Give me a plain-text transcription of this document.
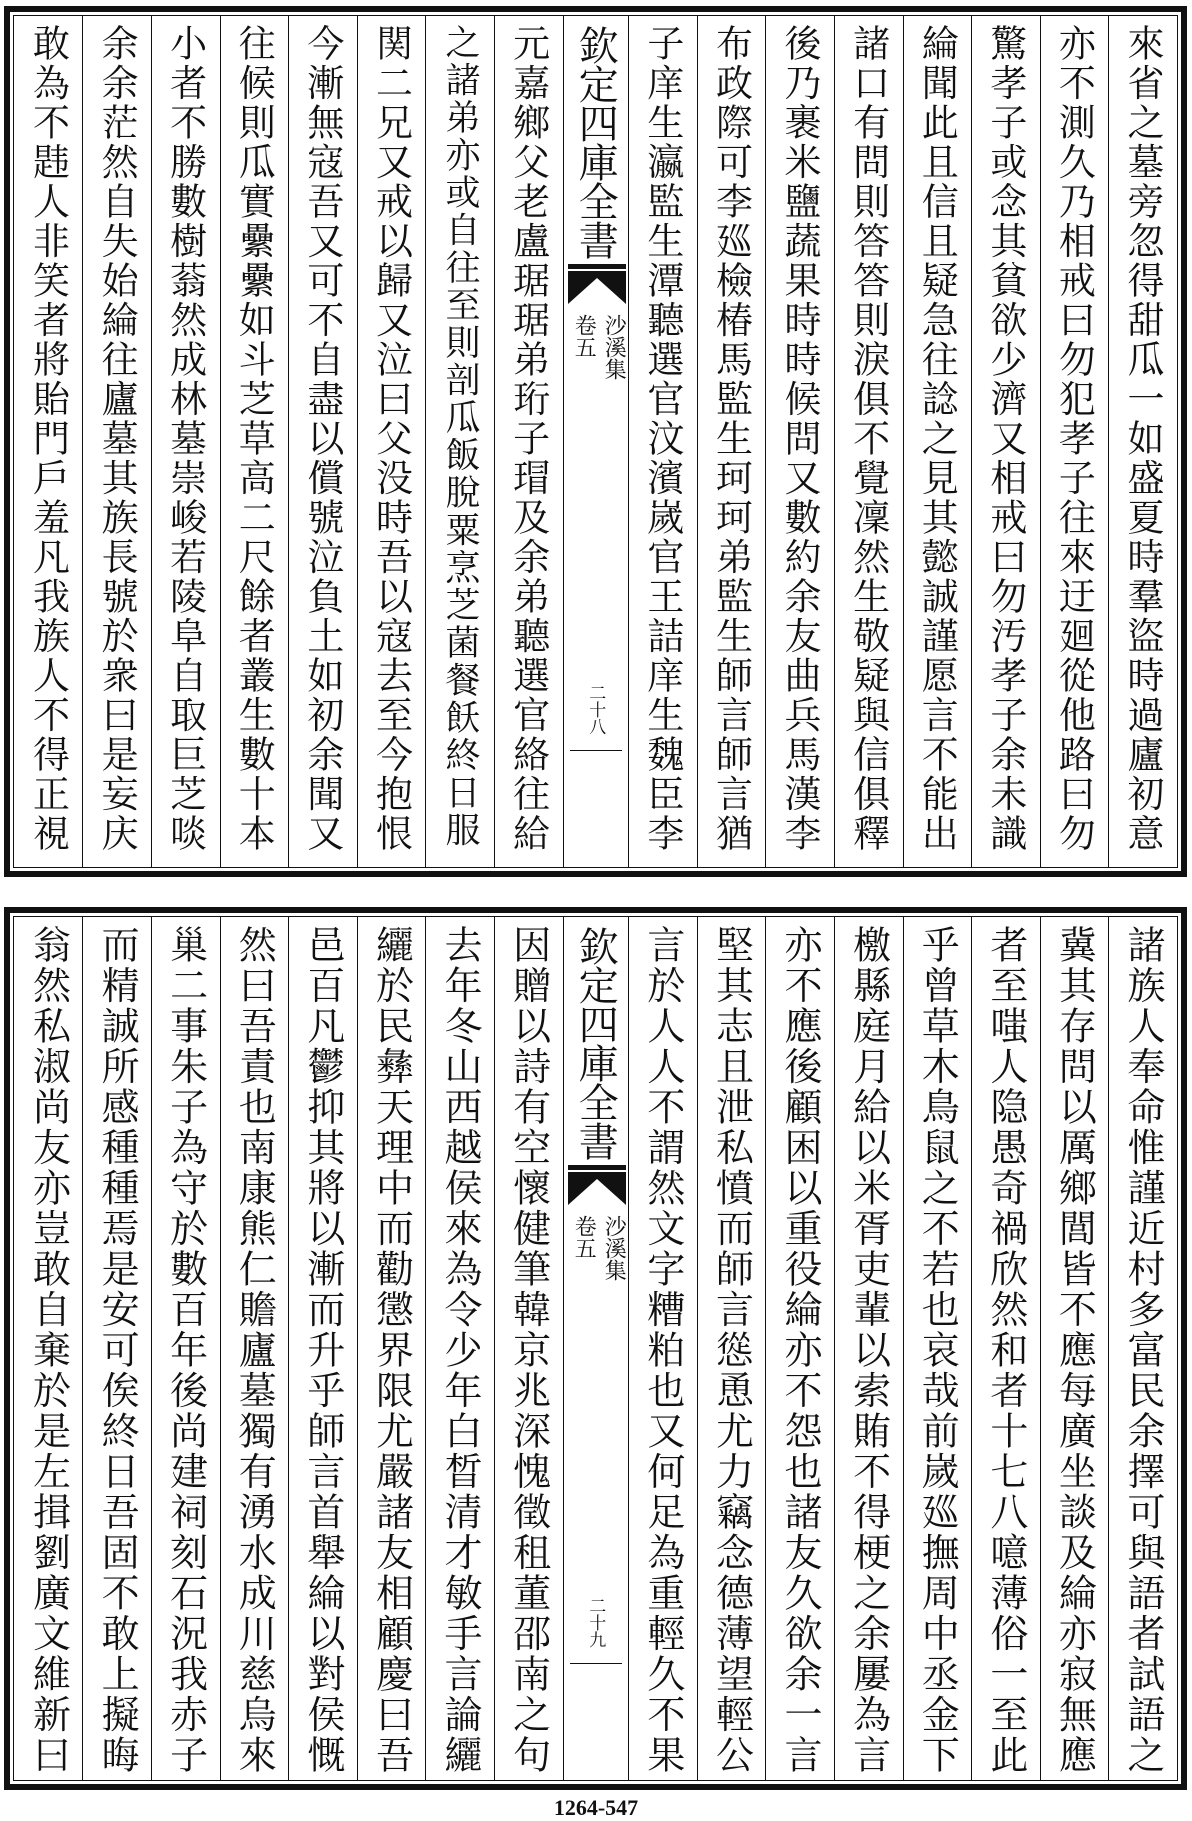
來省之墓旁忽得甜瓜一如盛夏時羣盜時過廬初意
亦不測久乃相戒曰勿犯孝子往來迂廻從他路曰勿
驚孝子或念其貧欲少濟又相戒曰勿汚孝子余未識
綸聞此且信且疑急往諗之見其懿誠謹愿言不能出
諸口有問則答答則淚俱不覺凜然生敬疑與信俱釋
後乃裹米鹽蔬果時時候問又數約余友曲兵馬漢李
布政際可李廵檢椿馬監生珂珂弟監生師言師言猶
子庠生瀛監生潭聽選官汶濱嵗官王詰庠生魏臣李
欽定四庫全書
沙溪集
卷五
二十八
元嘉鄉父老盧琚琚弟珩子瑁及余弟聽選官絡往給
之諸弟亦或自往至則剖瓜飯脫粟烹芝菌餐飫終日服
関二兄又戒以歸又泣曰父没時吾以寇去至今抱恨
今漸無寇吾又可不自盡以償號泣負土如初余聞又
往候則瓜實纍纍如斗芝草高二尺餘者叢生數十本
小者不勝數樹蓊然成林墓崇峻若陵阜自取巨芝啖
余余茫然自失始綸往廬墓其族長號於衆曰是妄庆
敢為不韪人非笑者將貽門戶羞凡我族人不得正視
諸族人奉命惟謹近村多富民余擇可與語者試語之
冀其存問以厲鄉閭皆不應每廣坐談及綸亦寂無應
者至嗤人隐愚奇禍欣然和者十七八噫薄俗一至此
乎曾草木鳥鼠之不若也哀哉前嵗廵撫周中丞金下
檄縣庭月給以米胥吏輩以索賄不得梗之余屢為言
亦不應後顧困以重役綸亦不怨也諸友久欲余一言
堅其志且泄私憤而師言慫恿尤力竊念德薄望輕公
言於人人不謂然文字糟粕也又何足為重輕久不果
欽定四庫全書
沙溪集
卷五
二十九
因贈以詩有空懷健筆韓京兆深愧徵租董邵南之句
去年冬山西越侯來為令少年白晳清才敏手言論纚
纚於民彝天理中而勸懲界限尤嚴諸友相顧慶曰吾
邑百凡鬱抑其將以漸而升乎師言首舉綸以對侯慨
然曰吾責也南康熊仁贍廬墓獨有湧水成川慈烏來
巢二事朱子為守於數百年後尚建祠刻石況我赤子
而精誠所感種種焉是安可俟終日吾固不敢上擬晦
翁然私淑尚友亦豈敢自棄於是左揖劉廣文維新曰
1264-547
